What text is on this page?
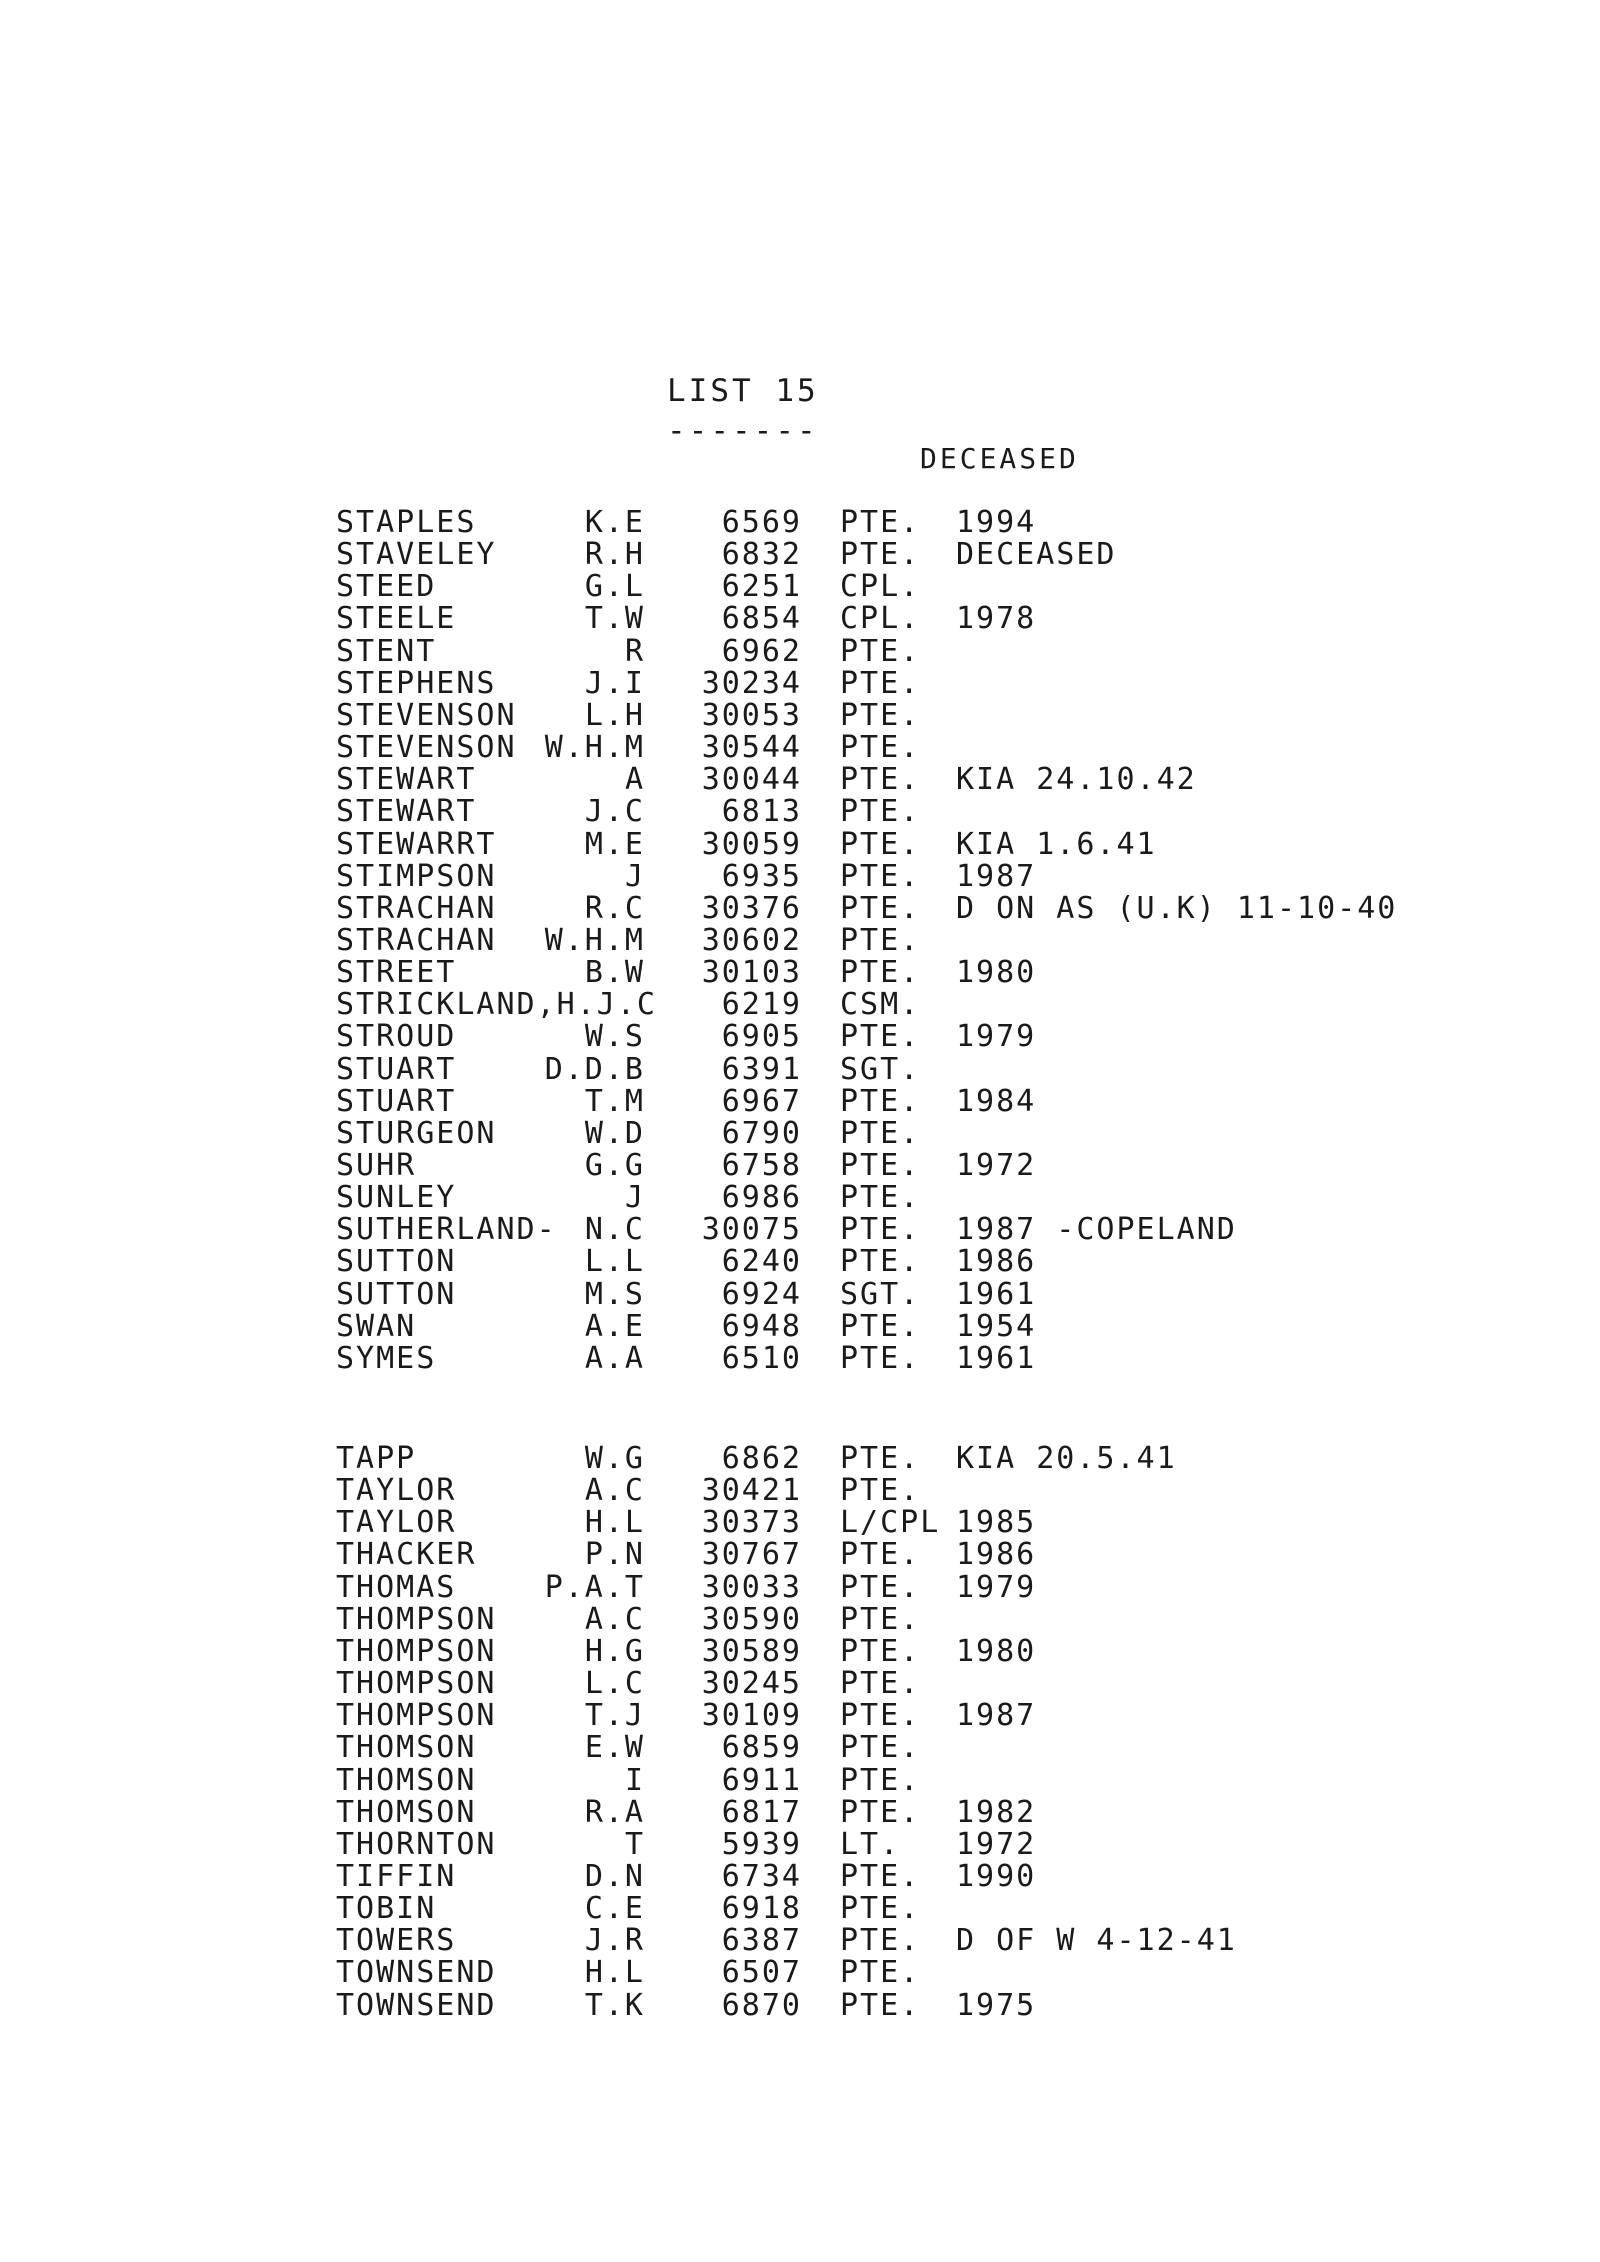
LIST 15
-------
DECEASED
STAPLES	K.E	6569 PTE. 1994
STAVELEY	R.H	6832 PTE. DECEASED
STEED	G.L	6251 CPL.
STEELE	T.W	6854 CPL. 1978
STENT	R	6962 PTE.
STEPHENS	J.I 30234 PTE.
STEVENSON L.H 30053 PTE.
STEVENSON W.H.M 30544 PTE.
STEWART	A 30044 PTE. KIA 24.10.42
STEWART	J.C	6813 PTE.
STEWARRT	M.E 30059 PTE. KIA 1.6.41
STIMPSON	J	6935 PTE. 1987
STRACHAN	R.C 30376 PTE. D ON AS (U.K) 11-10-40
STRACHAN W.H.M 30602 PTE.
STREET	B.W 30103 PTE. 1980
STRICKLAND,H.J.C 6219 CSM.
STROUD	W.S	6905 PTE. 1979
STUART	D.D.B	6391 SGT.
STUART	T.M	6967 PTE. 1984
STURGEON	W.D	6790 PTE.
SUHR	G.G	6758 PTE. 1972
SUNLEY	J	6986 PTE.
SUTHERLAND- N.C 30075 PTE. 1987 -COPELAND
SUTTON	L.L	6240 PTE. 1986
SUTTON	M.S	6924 SGT. 1961
SWAN	A.E	6948 PTE. 1954
SYMES	A.A	6510 PTE. 1961
TAPP	W.G	6862 PTE. KIA 20.5.41
TAYLOR	A.C 30421 PTE.
TAYLOR	H.L 30373 L/CPL 1985
THACKER	P.N 30767 PTE. 1986
THOMAS	P.A.T 30033 PTE. 1979
THOMPSON	A.C 30590 PTE.
THOMPSON	H.G 30589 PTE. 1980
THOMPSON	L.C 30245 PTE.
THOMPSON	T.J 30109 PTE. 1987
THOMSON	E.W	6859 PTE.
THOMSON	I	6911 PTE.
THOMSON	R.A	6817 PTE. 1982
THORNTON	T	5939 LT. 1972
TIFFIN	D.N	6734 PTE. 1990
TOBIN	C.E	6918 PTE.
TOWERS	J.R	6387 PTE. D OF W 4-12-41
TOWNSEND	H.L	6507 PTE.
TOWNSEND	T.K	6870 PTE. 1975
